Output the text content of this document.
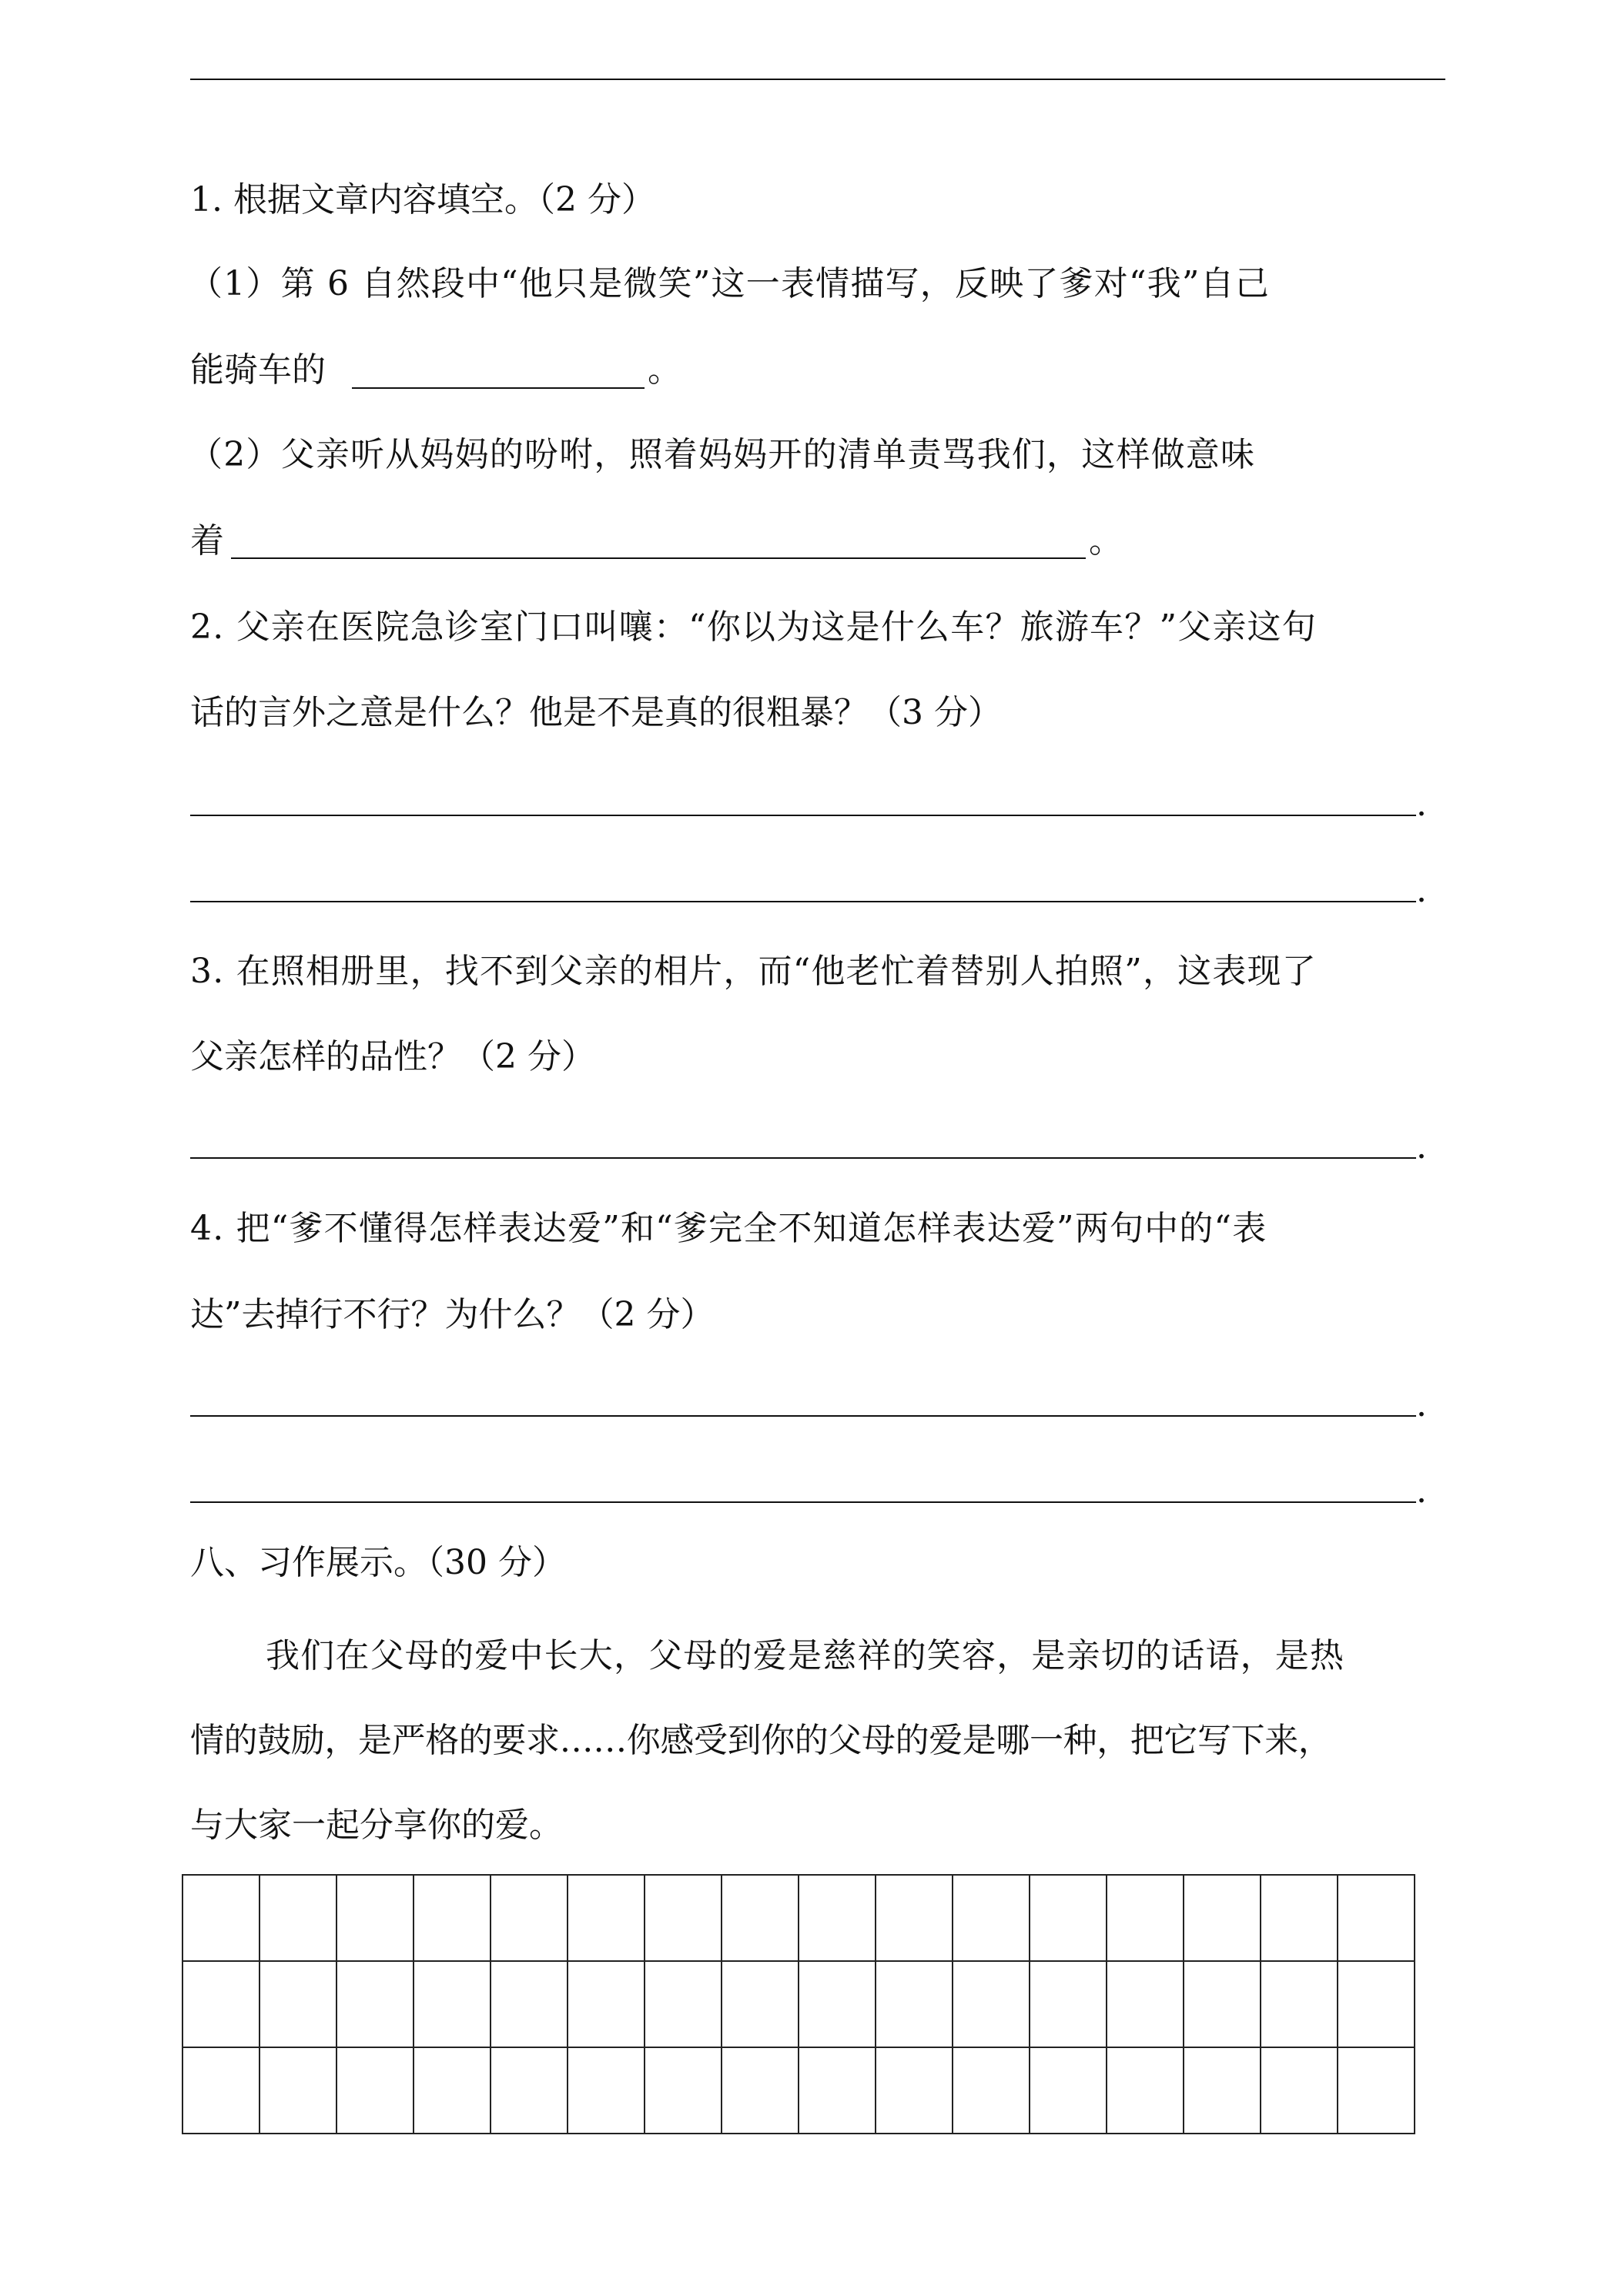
1. 根据文章内容填空。（2 分）
（1）第 6 自然段中“他只是微笑”这一表情描写，反映了爹对“我”自己
能骑车的	。
（2）父亲听从妈妈的吩咐，照着妈妈开的清单责骂我们，这样做意味
着	。
2. 父亲在医院急诊室门口叫嚷：“你以为这是什么车？旅游车？”父亲这句
话的言外之意是什么？他是不是真的很粗暴？（3 分）
.
.
3. 在照相册里，找不到父亲的相片，而“他老忙着替别人拍照”，这表现了
父亲怎样的品性？（2 分）
.
4. 把“爹不懂得怎样表达爱”和“爹完全不知道怎样表达爱”两句中的“表
达”去掉行不行？为什么？（2 分）
.
.
八、习作展示。（30 分）
我们在父母的爱中长大，父母的爱是慈祥的笑容，是亲切的话语，是热
情的鼓励，是严格的要求……你感受到你的父母的爱是哪一种，把它写下来，
与大家一起分享你的爱。
